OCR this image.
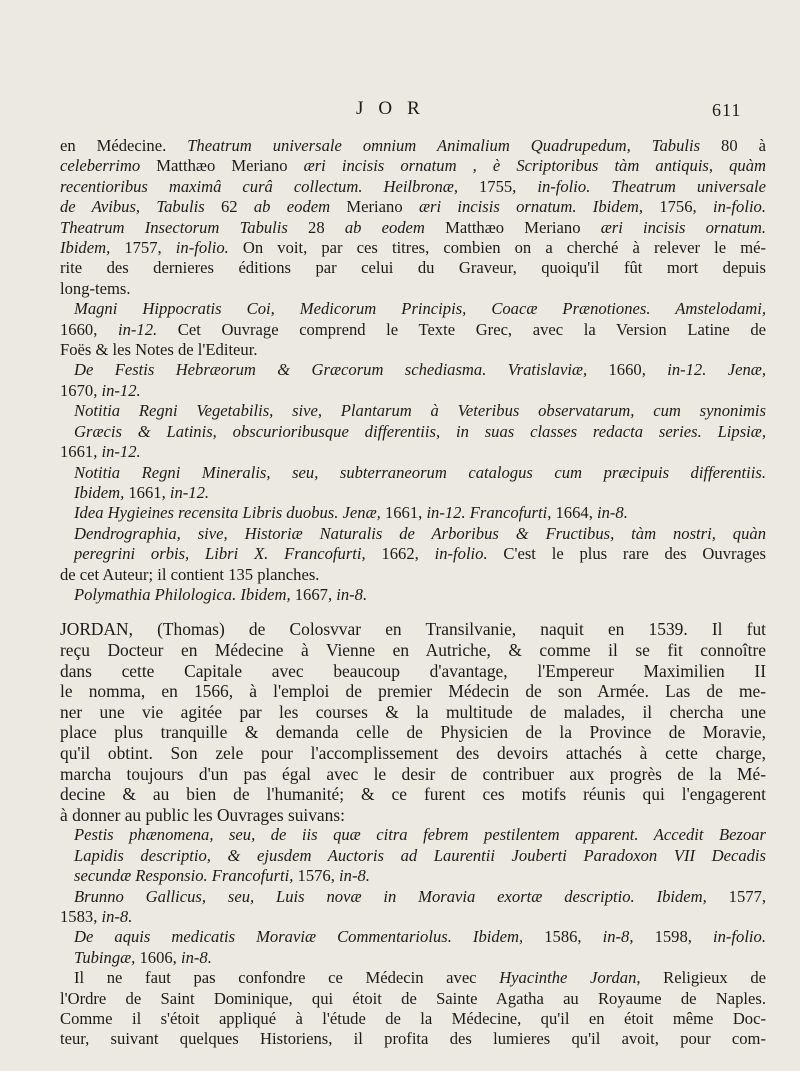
JOR	611
en Médecine. Theatrum universale omnium Animalium Quadrupedum, Tabulis 80 à
celeberrimo Matthæo Meriano æri incisis ornatum , è Scriptoribus tàm antiquis, quàm
recentioribus maximâ curâ collectum. Heilbronæ, 1755, in-folio. Theatrum universale
de Avibus, Tabulis 62 ab eodem Meriano æri incisis ornatum. Ibidem, 1756, in-folio.
Theatrum Insectorum Tabulis 28 ab eodem Matthæo Meriano æri incisis ornatum.
Ibidem, 1757, in-folio. On voit, par ces titres, combien on a cherché à relever le mé-
rite des dernieres éditions par celui du Graveur, quoiqu'il fût mort depuis
long-tems.
Magni Hippocratis Coi, Medicorum Principis, Coacæ Prænotiones. Amstelodami,
1660, in-12. Cet Ouvrage comprend le Texte Grec, avec la Version Latine de
Foës & les Notes de l'Editeur.
De Festis Hebræorum & Græcorum schediasma. Vratislaviæ, 1660, in-12. Jenæ,
1670, in-12.
Notitia Regni Vegetabilis, sive, Plantarum à Veteribus observatarum, cum synonimis
Græcis & Latinis, obscurioribusque differentiis, in suas classes redacta series. Lipsiæ,
1661, in-12.
Notitia Regni Mineralis, seu, subterraneorum catalogus cum præcipuis differentiis.
Ibidem, 1661, in-12.
Idea Hygieines recensita Libris duobus. Jenæ, 1661, in-12. Francofurti, 1664, in-8.
Dendrographia, sive, Historiæ Naturalis de Arboribus & Fructibus, tàm nostri, quàn
peregrini orbis, Libri X. Francofurti, 1662, in-folio. C'est le plus rare des Ouvrages
de cet Auteur; il contient 135 planches.
Polymathia Philologica. Ibidem, 1667, in-8.
JORDAN, (Thomas) de Colosvvar en Transilvanie, naquit en 1539. Il fut
reçu Docteur en Médecine à Vienne en Autriche, & comme il se fit connoître
dans cette Capitale avec beaucoup d'avantage, l'Empereur Maximilien II
le nomma, en 1566, à l'emploi de premier Médecin de son Armée. Las de me-
ner une vie agitée par les courses & la multitude de malades, il chercha une
place plus tranquille & demanda celle de Physicien de la Province de Moravie,
qu'il obtint. Son zele pour l'accomplissement des devoirs attachés à cette charge,
marcha toujours d'un pas égal avec le desir de contribuer aux progrès de la Mé-
decine & au bien de l'humanité; & ce furent ces motifs réunis qui l'engagerent
à donner au public les Ouvrages suivans:
Pestis phænomena, seu, de iis quæ citra febrem pestilentem apparent. Accedit Bezoar
Lapidis descriptio, & ejusdem Auctoris ad Laurentii Jouberti Paradoxon VII Decadis
secundæ Responsio. Francofurti, 1576, in-8.
Brunno Gallicus, seu, Luis novæ in Moravia exortæ descriptio. Ibidem, 1577,
1583, in-8.
De aquis medicatis Moraviæ Commentariolus. Ibidem, 1586, in-8, 1598, in-folio.
Tubingæ, 1606, in-8.
Il ne faut pas confondre ce Médecin avec Hyacinthe Jordan, Religieux de
l'Ordre de Saint Dominique, qui étoit de Sainte Agatha au Royaume de Naples.
Comme il s'étoit appliqué à l'étude de la Médecine, qu'il en étoit même Doc-
teur, suivant quelques Historiens, il profita des lumieres qu'il avoit, pour com-
